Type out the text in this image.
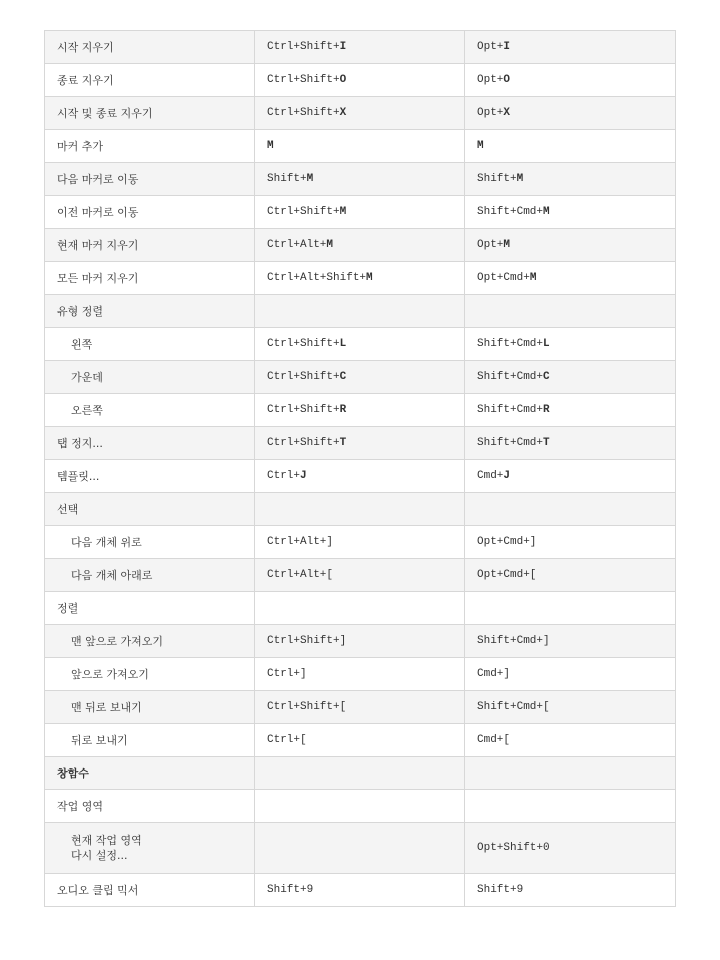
시작 지우기	Ctrl+Shift+I	Opt+I
종료 지우기	Ctrl+Shift+O	Opt+O
시작 및 종료 지우기	Ctrl+Shift+X	Opt+X
마커 추가	M	M
다음 마커로 이동	Shift+M	Shift+M
이전 마커로 이동	Ctrl+Shift+M	Shift+Cmd+M
현재 마커 지우기	Ctrl+Alt+M	Opt+M
모든 마커 지우기	Ctrl+Alt+Shift+M	Opt+Cmd+M
유형 정렬		
왼쪽	Ctrl+Shift+L	Shift+Cmd+L
가운데	Ctrl+Shift+C	Shift+Cmd+C
오른쪽	Ctrl+Shift+R	Shift+Cmd+R
탭 정지...	Ctrl+Shift+T	Shift+Cmd+T
템플릿...	Ctrl+J	Cmd+J
선택		
다음 개체 위로	Ctrl+Alt+]	Opt+Cmd+]
다음 개체 아래로	Ctrl+Alt+[	Opt+Cmd+[
정렬		
맨 앞으로 가져오기	Ctrl+Shift+]	Shift+Cmd+]
앞으로 가져오기	Ctrl+]	Cmd+]
맨 뒤로 보내기	Ctrl+Shift+[	Shift+Cmd+[
뒤로 보내기	Ctrl+[	Cmd+[
창함수		
작업 영역		
현재 작업 영역
다시 설정...		Opt+Shift+0
오디오 클립 믹서	Shift+9	Shift+9
